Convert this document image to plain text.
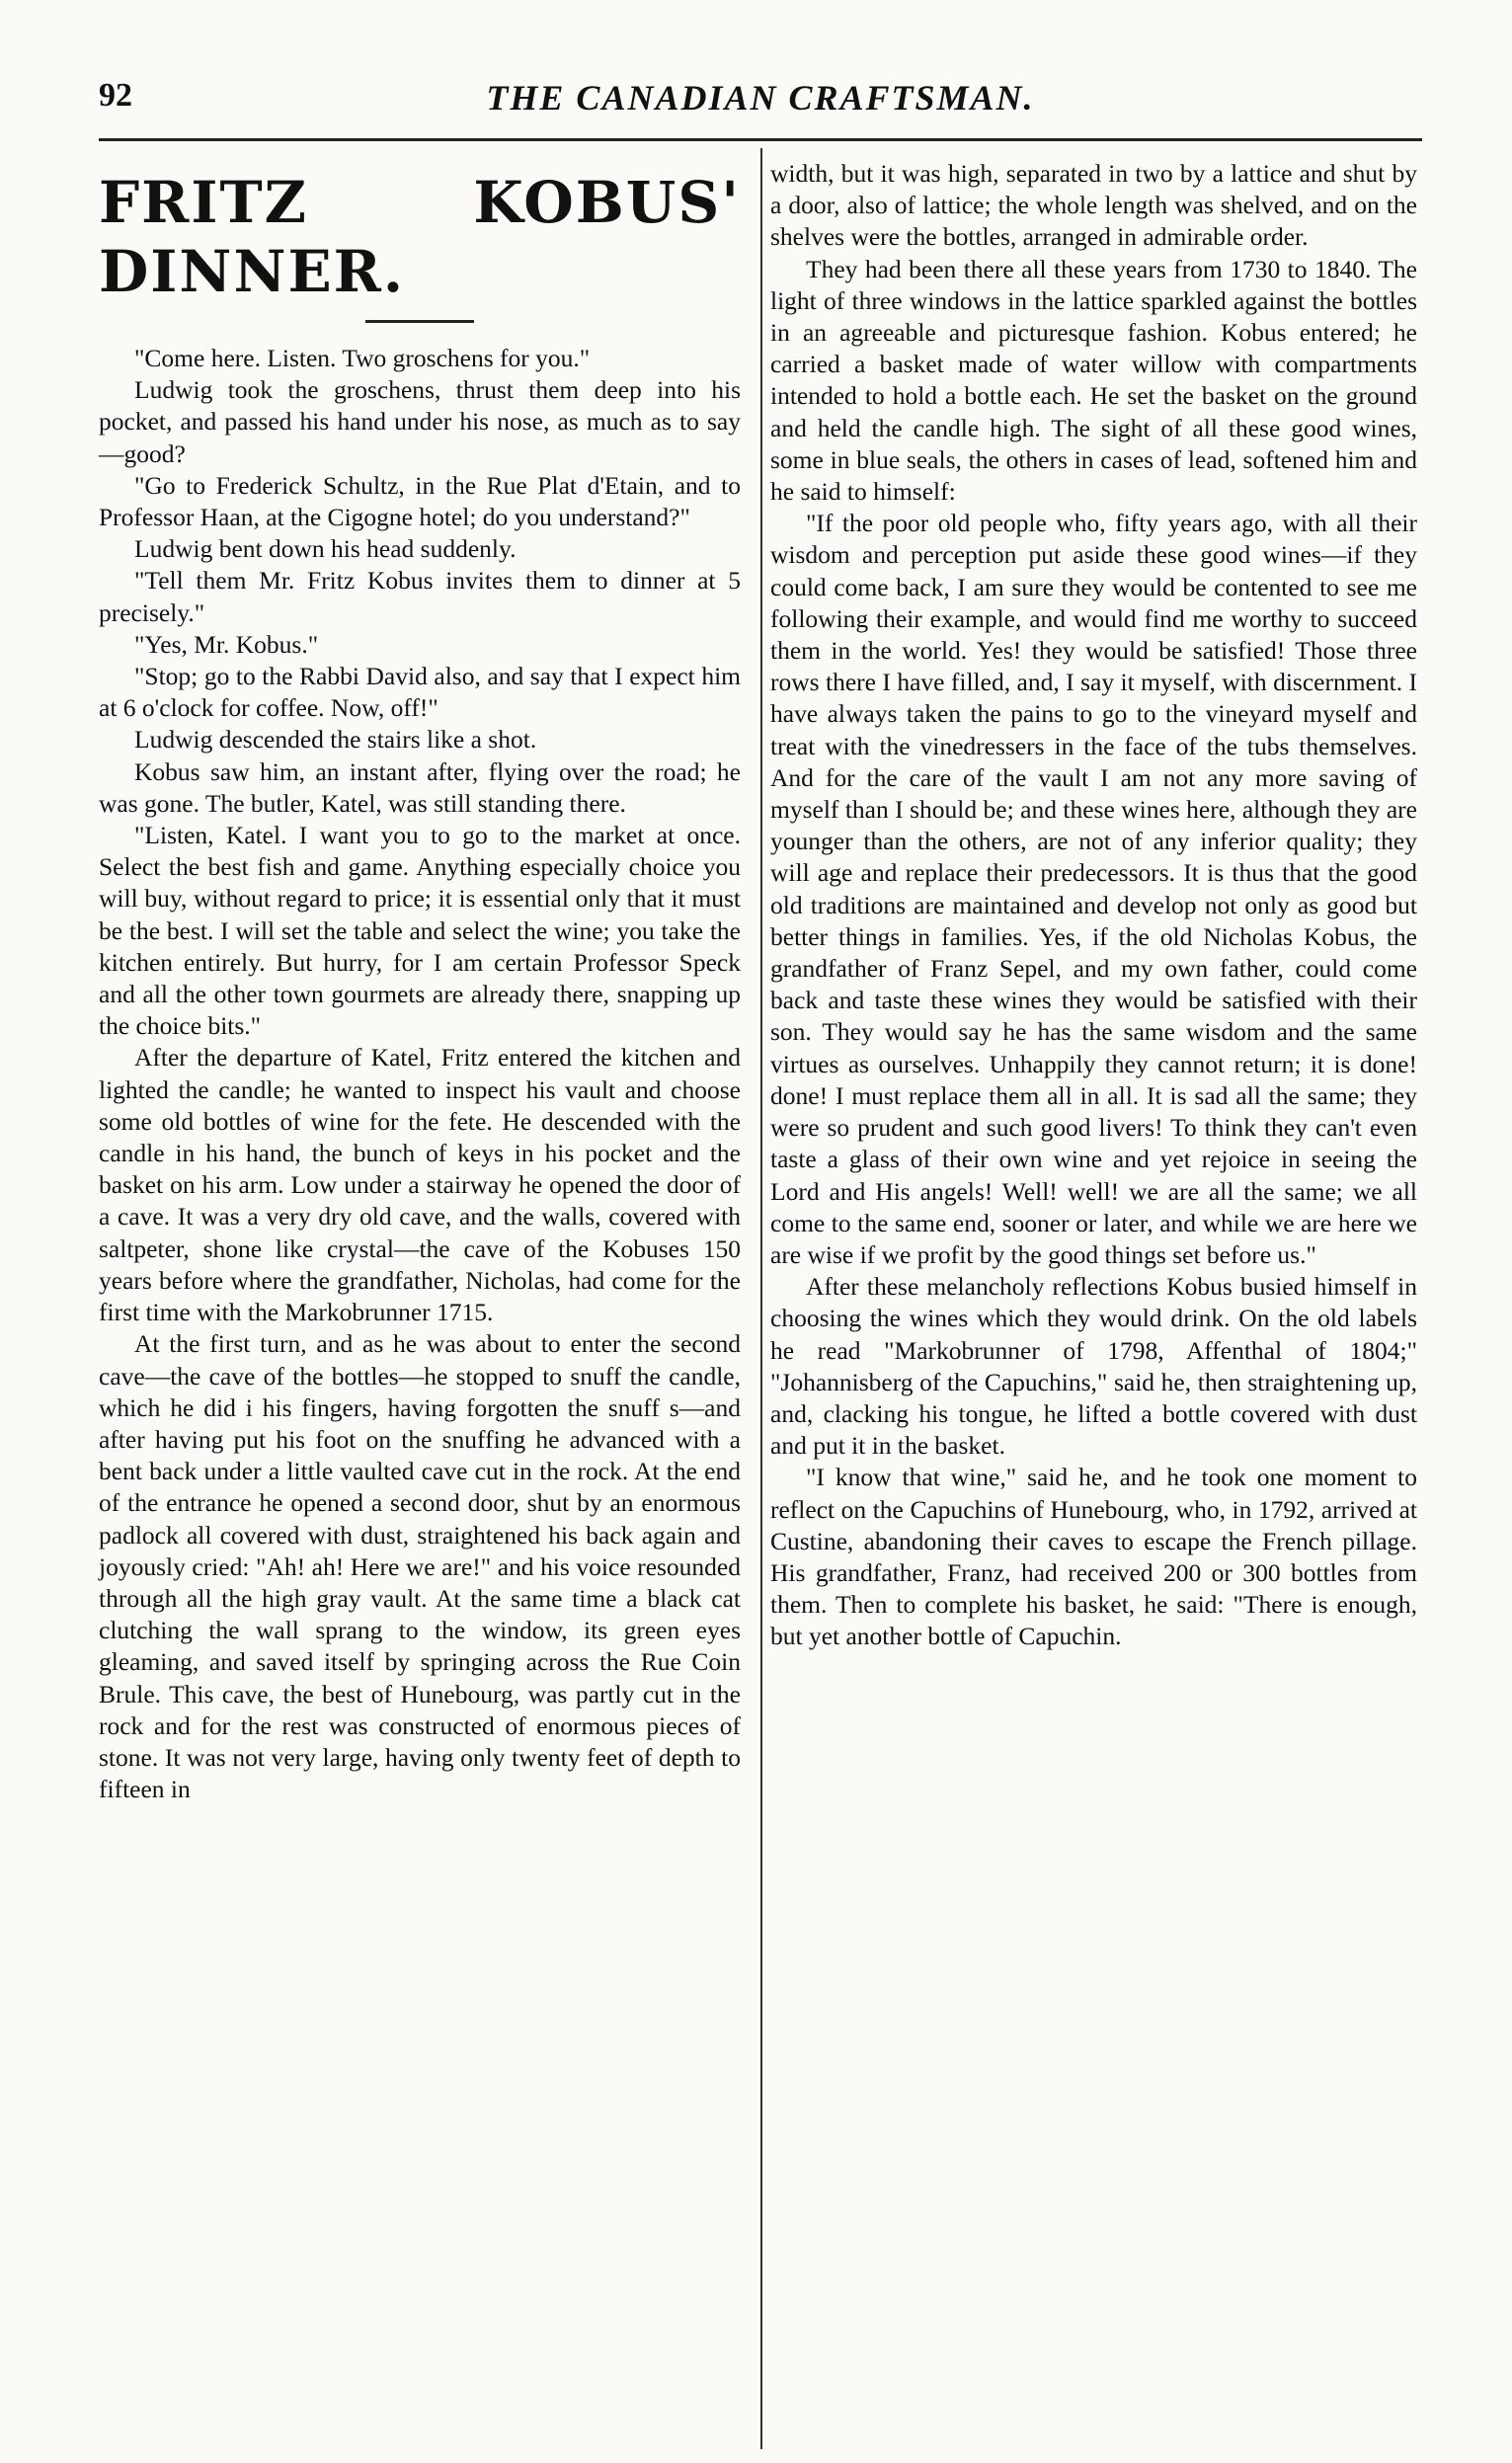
92	THE CANADIAN CRAFTSMAN.
FRITZ KOBUS' DINNER.

"Come here. Listen. Two groschens for you."

Ludwig took the groschens, thrust them deep into his pocket, and passed his hand under his nose, as much as to say—good?

"Go to Frederick Schultz, in the Rue Plat d'Etain, and to Professor Haan, at the Cigogne hotel; do you understand?"

Ludwig bent down his head suddenly.

"Tell them Mr. Fritz Kobus invites them to dinner at 5 precisely."

"Yes, Mr. Kobus."

"Stop; go to the Rabbi David also, and say that I expect him at 6 o'clock for coffee. Now, off!"

Ludwig descended the stairs like a shot.

Kobus saw him, an instant after, flying over the road; he was gone. The butler, Katel, was still standing there.

"Listen, Katel. I want you to go to the market at once. Select the best fish and game. Anything especially choice you will buy, without regard to price; it is essential only that it must be the best. I will set the table and select the wine; you take the kitchen entirely. But hurry, for I am certain Professor Speck and all the other town gourmets are already there, snapping up the choice bits."

After the departure of Katel, Fritz entered the kitchen and lighted the candle; he wanted to inspect his vault and choose some old bottles of wine for the fete. He descended with the candle in his hand, the bunch of keys in his pocket and the basket on his arm. Low under a stairway he opened the door of a cave. It was a very dry old cave, and the walls, covered with saltpeter, shone like crystal—the cave of the Kobuses 150 years before where the grandfather, Nicholas, had come for the first time with the Markobrunner 1715.

At the first turn, and as he was about to enter the second cave—the cave of the bottles—he stopped to snuff the candle, which he did i his fingers, having forgotten the snuff s—and after having put his foot on the snuffing he advanced with a bent back under a little vaulted cave cut in the rock. At the end of the entrance he opened a second door, shut by an enormous padlock all covered with dust, straightened his back again and joyously cried: "Ah! ah! Here we are!" and his voice resounded through all the high gray vault. At the same time a black cat clutching the wall sprang to the window, its green eyes gleaming, and saved itself by springing across the Rue Coin Brule. This cave, the best of Hunebourg, was partly cut in the rock and for the rest was constructed of enormous pieces of stone. It was not very large, having only twenty feet of depth to fifteen in

width, but it was high, separated in two by a lattice and shut by a door, also of lattice; the whole length was shelved, and on the shelves were the bottles, arranged in admirable order.

They had been there all these years from 1730 to 1840. The light of three windows in the lattice sparkled against the bottles in an agreeable and picturesque fashion. Kobus entered; he carried a basket made of water willow with compartments intended to hold a bottle each. He set the basket on the ground and held the candle high. The sight of all these good wines, some in blue seals, the others in cases of lead, softened him and he said to himself:

"If the poor old people who, fifty years ago, with all their wisdom and perception put aside these good wines—if they could come back, I am sure they would be contented to see me following their example, and would find me worthy to succeed them in the world. Yes! they would be satisfied! Those three rows there I have filled, and, I say it myself, with discernment. I have always taken the pains to go to the vineyard myself and treat with the vinedressers in the face of the tubs themselves. And for the care of the vault I am not any more saving of myself than I should be; and these wines here, although they are younger than the others, are not of any inferior quality; they will age and replace their predecessors. It is thus that the good old traditions are maintained and develop not only as good but better things in families. Yes, if the old Nicholas Kobus, the grandfather of Franz Sepel, and my own father, could come back and taste these wines they would be satisfied with their son. They would say he has the same wisdom and the same virtues as ourselves. Unhappily they cannot return; it is done! done! I must replace them all in all. It is sad all the same; they were so prudent and such good livers! To think they can't even taste a glass of their own wine and yet rejoice in seeing the Lord and His angels! Well! well! we are all the same; we all come to the same end, sooner or later, and while we are here we are wise if we profit by the good things set before us."

After these melancholy reflections Kobus busied himself in choosing the wines which they would drink. On the old labels he read "Markobrunner of 1798, Affenthal of 1804;" "Johannisberg of the Capuchins," said he, then straightening up, and, clacking his tongue, he lifted a bottle covered with dust and put it in the basket.

"I know that wine," said he, and he took one moment to reflect on the Capuchins of Hunebourg, who, in 1792, arrived at Custine, abandoning their caves to escape the French pillage. His grandfather, Franz, had received 200 or 300 bottles from them. Then to complete his basket, he said: "There is enough, but yet another bottle of Capuchin.
